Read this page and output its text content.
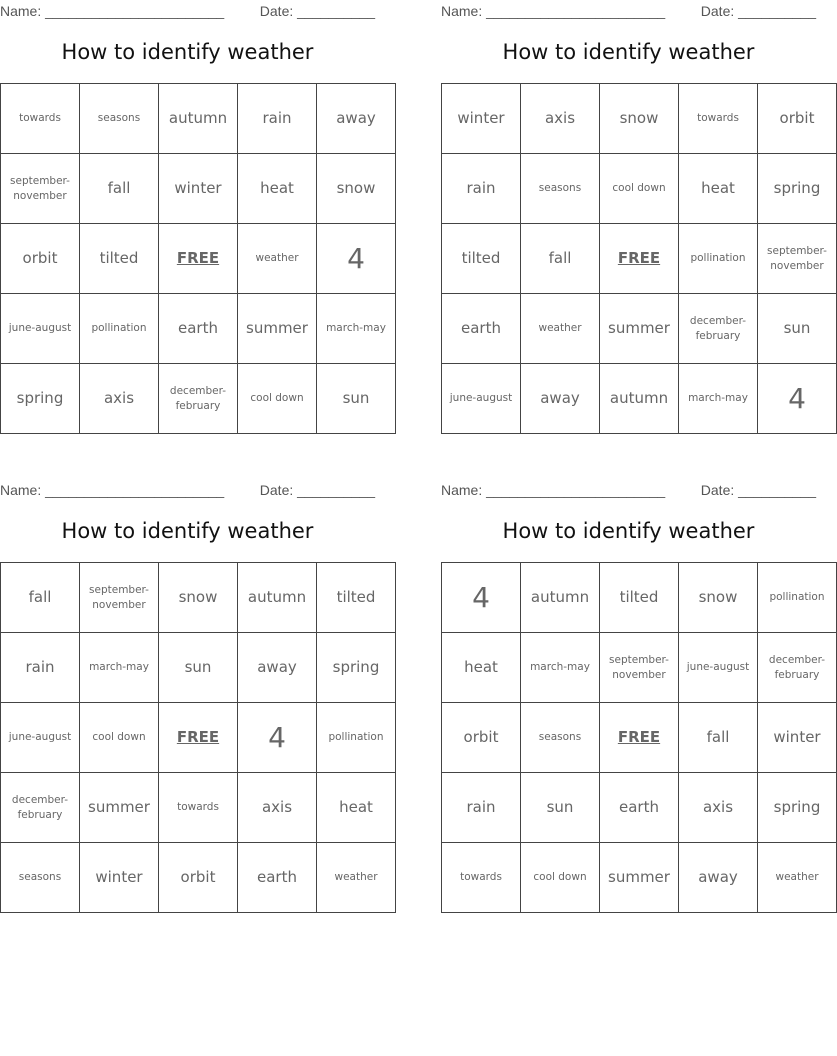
Name: _______________________	Date: __________
How to identify weather
towards	seasons	autumn	rain	away
september-november	fall	winter	heat	snow
orbit	tilted	FREE	weather	4
june-august	pollination	earth	summer	march-may
spring	axis	december-february	cool down	sun
Name: _______________________	Date: __________
How to identify weather
winter	axis	snow	towards	orbit
rain	seasons	cool down	heat	spring
tilted	fall	FREE	pollination	september-november
earth	weather	summer	december-february	sun
june-august	away	autumn	march-may	4
Name: _______________________	Date: __________
How to identify weather
fall	september-november	snow	autumn	tilted
rain	march-may	sun	away	spring
june-august	cool down	FREE	4	pollination
december-february	summer	towards	axis	heat
seasons	winter	orbit	earth	weather
Name: _______________________	Date: __________
How to identify weather
4	autumn	tilted	snow	pollination
heat	march-may	september-november	june-august	december-february
orbit	seasons	FREE	fall	winter
rain	sun	earth	axis	spring
towards	cool down	summer	away	weather
